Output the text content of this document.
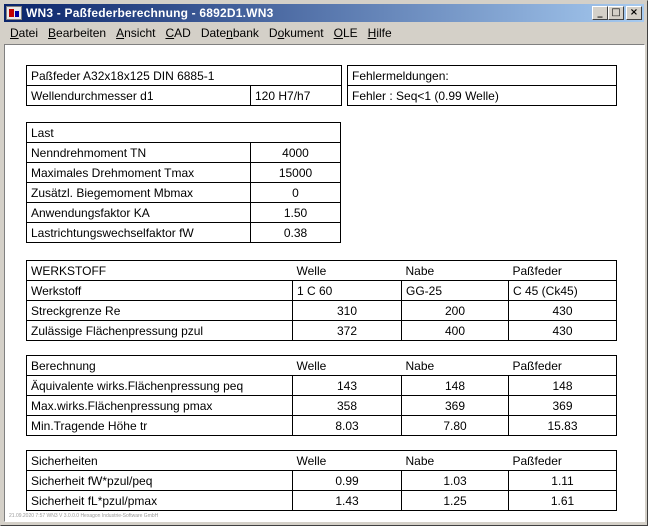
WN3 - Paßfederberechnung - 6892D1.WN3	_ □ ×
Datei Bearbeiten Ansicht CAD Datenbank Dokument OLE Hilfe
Paßfeder A32x18x125 DIN 6885-1
Wellendurchmesser d1	120 H7/h7
Fehlermeldungen:
Fehler : Seq<1 (0.99 Welle)
Last	
Nenndrehmoment TN	4000
Maximales Drehmoment Tmax	15000
Zusätzl. Biegemoment Mbmax	0
Anwendungsfaktor KA	1.50
Lastrichtungswechselfaktor fW	0.38
WERKSTOFF	Welle	Nabe	Paßfeder
Werkstoff	1 C 60	GG-25	C 45 (Ck45)
Streckgrenze Re	310	200	430
Zulässige Flächenpressung pzul	372	400	430
Berechnung	Welle	Nabe	Paßfeder
Äquivalente wirks.Flächenpressung peq	143	148	148
Max.wirks.Flächenpressung pmax	358	369	369
Min.Tragende Höhe tr	8.03	7.80	15.83
Sicherheiten	Welle	Nabe	Paßfeder
Sicherheit fW*pzul/peq	0.99	1.03	1.11
Sicherheit fL*pzul/pmax	1.43	1.25	1.61
21.09.2020 7:57 WN3 V 3.0.0.0 Hexagon Industrie-Software GmbH
